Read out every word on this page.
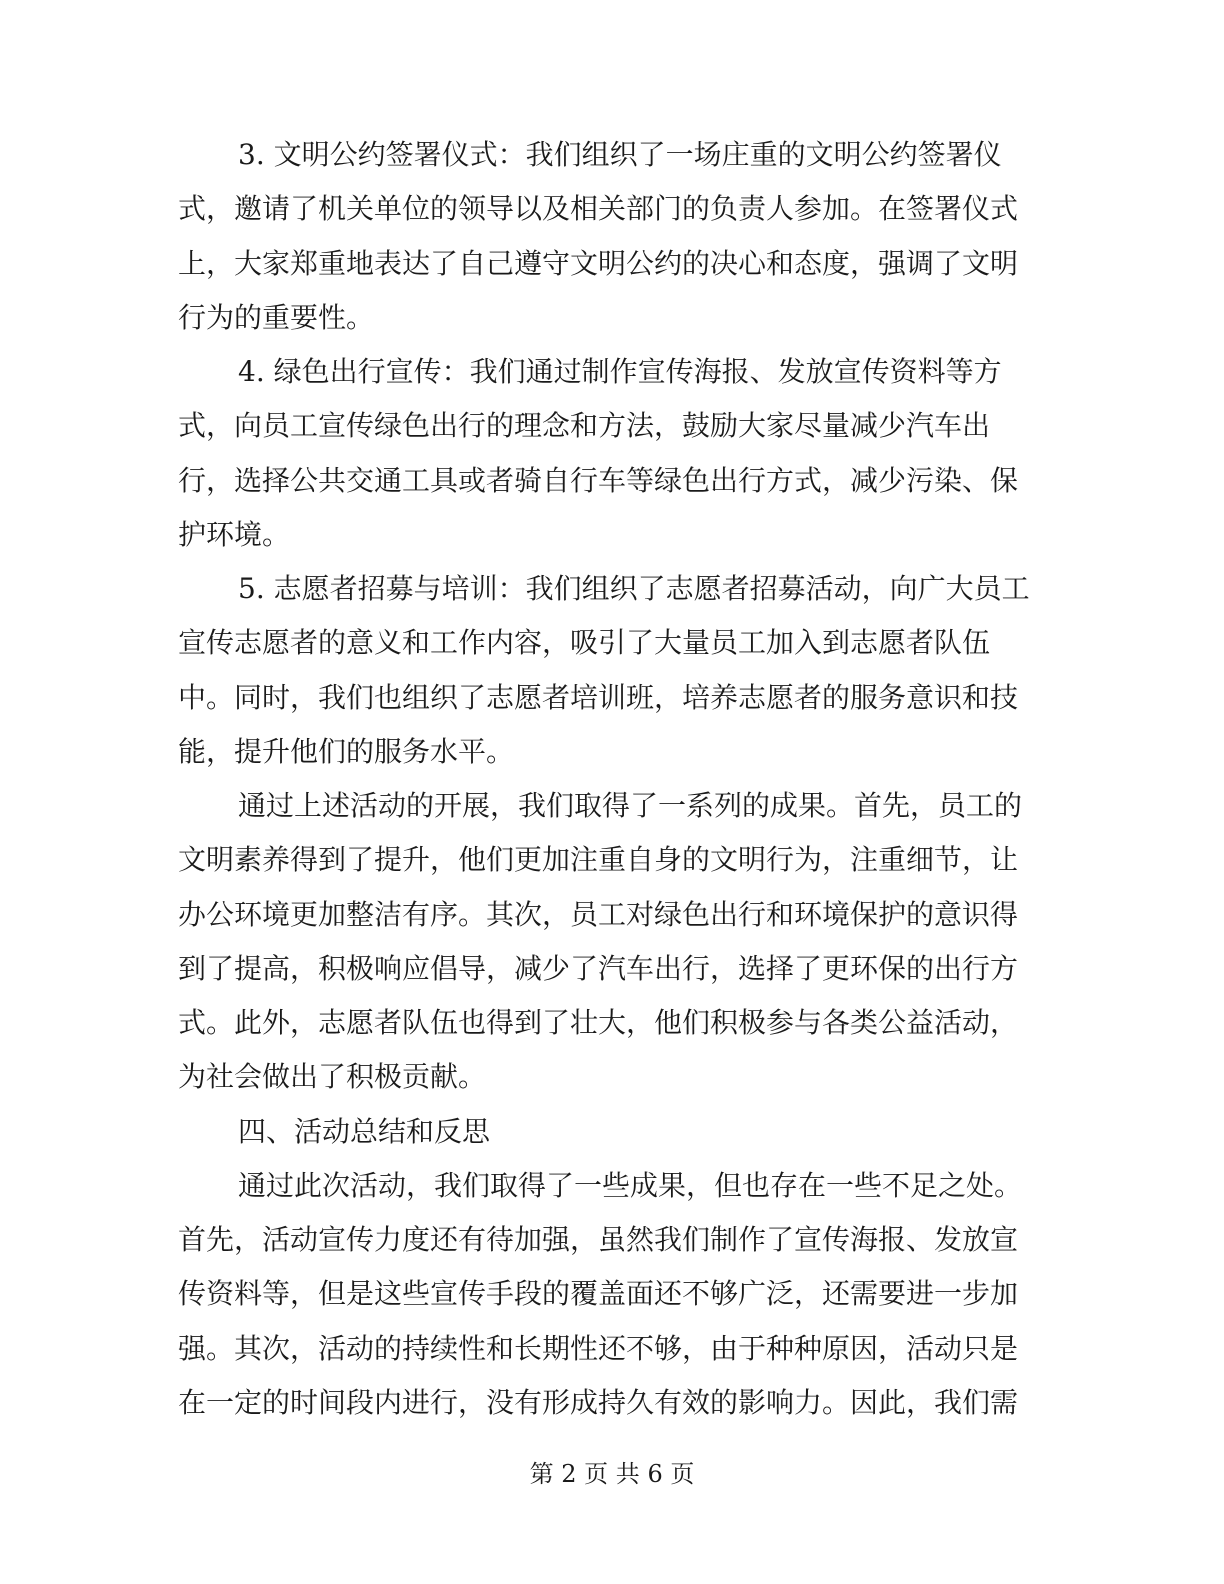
3. 文明公约签署仪式：我们组织了一场庄重的文明公约签署仪
式，邀请了机关单位的领导以及相关部门的负责人参加。在签署仪式
上，大家郑重地表达了自己遵守文明公约的决心和态度，强调了文明
行为的重要性。
4. 绿色出行宣传：我们通过制作宣传海报、发放宣传资料等方
式，向员工宣传绿色出行的理念和方法，鼓励大家尽量减少汽车出
行，选择公共交通工具或者骑自行车等绿色出行方式，减少污染、保
护环境。
5. 志愿者招募与培训：我们组织了志愿者招募活动，向广大员工
宣传志愿者的意义和工作内容，吸引了大量员工加入到志愿者队伍
中。同时，我们也组织了志愿者培训班，培养志愿者的服务意识和技
能，提升他们的服务水平。
通过上述活动的开展，我们取得了一系列的成果。首先，员工的
文明素养得到了提升，他们更加注重自身的文明行为，注重细节，让
办公环境更加整洁有序。其次，员工对绿色出行和环境保护的意识得
到了提高，积极响应倡导，减少了汽车出行，选择了更环保的出行方
式。此外，志愿者队伍也得到了壮大，他们积极参与各类公益活动，
为社会做出了积极贡献。
四、活动总结和反思
通过此次活动，我们取得了一些成果，但也存在一些不足之处。
首先，活动宣传力度还有待加强，虽然我们制作了宣传海报、发放宣
传资料等，但是这些宣传手段的覆盖面还不够广泛，还需要进一步加
强。其次，活动的持续性和长期性还不够，由于种种原因，活动只是
在一定的时间段内进行，没有形成持久有效的影响力。因此，我们需
第 2 页 共 6 页
